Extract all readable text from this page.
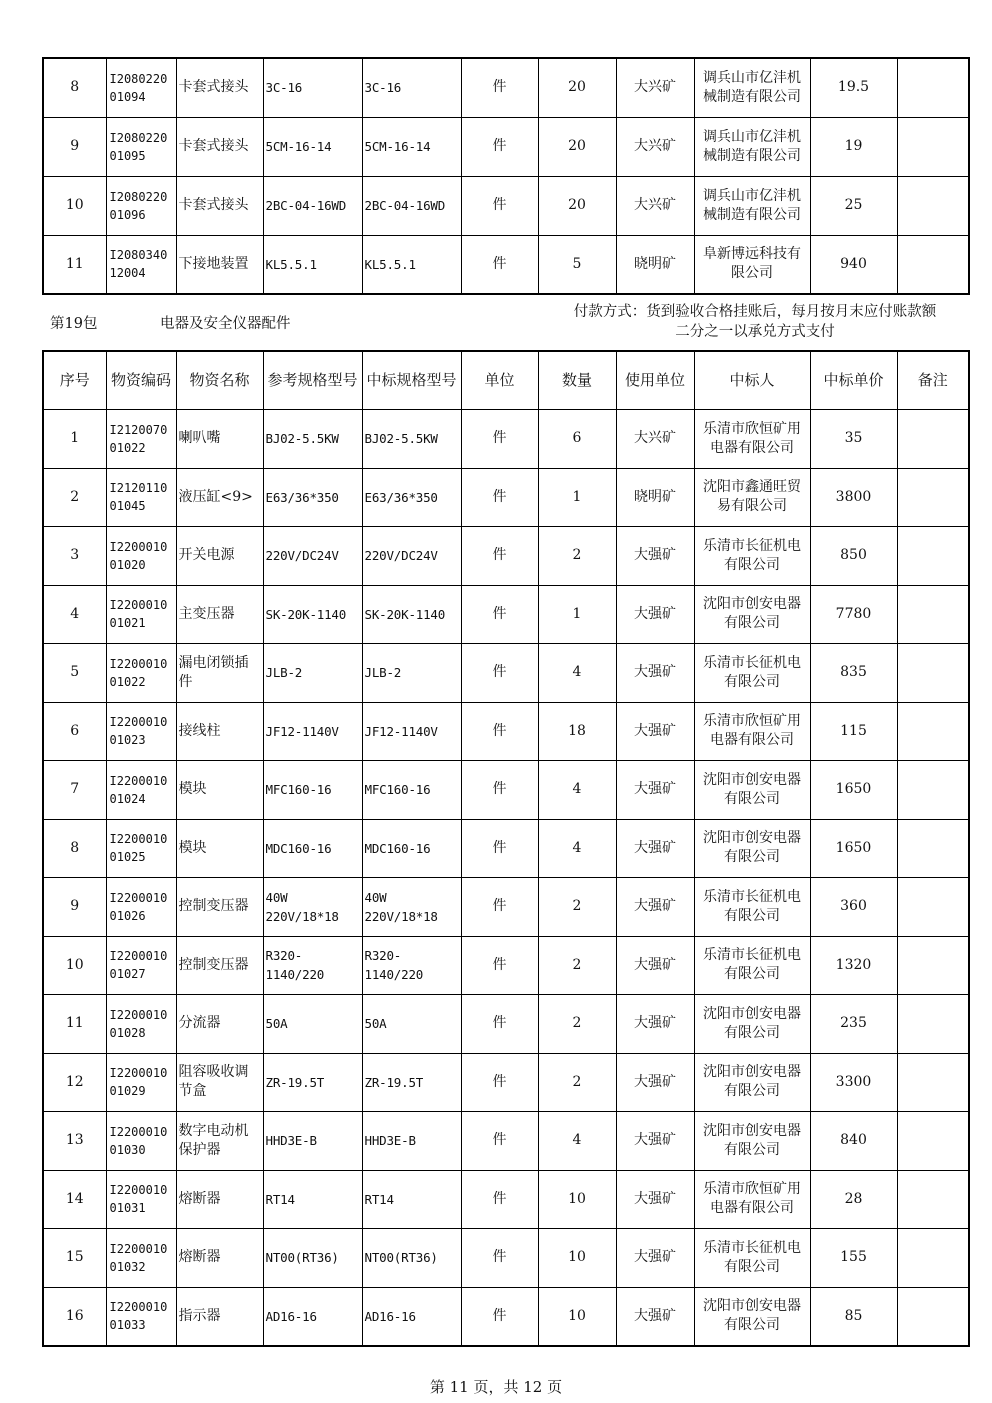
8	I2080220 01094	卡套式接头	3C-16	3C-16	件	20	大兴矿	调兵山市亿沣机械制造有限公司	19.5	
9	I2080220 01095	卡套式接头	5CM-16-14	5CM-16-14	件	20	大兴矿	调兵山市亿沣机械制造有限公司	19	
10	I2080220 01096	卡套式接头	2BC-04-16WD	2BC-04-16WD	件	20	大兴矿	调兵山市亿沣机械制造有限公司	25	
11	I2080340 12004	下接地装置	KL5.5.1	KL5.5.1	件	5	晓明矿	阜新博远科技有限公司	940	
第19包	电器及安全仪器配件
付款方式：货到验收合格挂账后，每月按月末应付账款额
二分之一以承兑方式支付
序号	物资编码	物资名称	参考规格型号	中标规格型号	单位	数量	使用单位	中标人	中标单价	备注
1	I2120070 01022	喇叭嘴	BJ02-5.5KW	BJ02-5.5KW	件	6	大兴矿	乐清市欣恒矿用电器有限公司	35	
2	I2120110 01045	液压缸<9>	E63/36*350	E63/36*350	件	1	晓明矿	沈阳市鑫通旺贸易有限公司	3800	
3	I2200010 01020	开关电源	220V/DC24V	220V/DC24V	件	2	大强矿	乐清市长征机电有限公司	850	
4	I2200010 01021	主变压器	SK-20K-1140	SK-20K-1140	件	1	大强矿	沈阳市创安电器有限公司	7780	
5	I2200010 01022	漏电闭锁插件	JLB-2	JLB-2	件	4	大强矿	乐清市长征机电有限公司	835	
6	I2200010 01023	接线柱	JF12-1140V	JF12-1140V	件	18	大强矿	乐清市欣恒矿用电器有限公司	115	
7	I2200010 01024	模块	MFC160-16	MFC160-16	件	4	大强矿	沈阳市创安电器有限公司	1650	
8	I2200010 01025	模块	MDC160-16	MDC160-16	件	4	大强矿	沈阳市创安电器有限公司	1650	
9	I2200010 01026	控制变压器	40W 220V/18*18	40W 220V/18*18	件	2	大强矿	乐清市长征机电有限公司	360	
10	I2200010 01027	控制变压器	R320- 1140/220	R320- 1140/220	件	2	大强矿	乐清市长征机电有限公司	1320	
11	I2200010 01028	分流器	50A	50A	件	2	大强矿	沈阳市创安电器有限公司	235	
12	I2200010 01029	阻容吸收调节盒	ZR-19.5T	ZR-19.5T	件	2	大强矿	沈阳市创安电器有限公司	3300	
13	I2200010 01030	数字电动机保护器	HHD3E-B	HHD3E-B	件	4	大强矿	沈阳市创安电器有限公司	840	
14	I2200010 01031	熔断器	RT14	RT14	件	10	大强矿	乐清市欣恒矿用电器有限公司	28	
15	I2200010 01032	熔断器	NT00(RT36)	NT00(RT36)	件	10	大强矿	乐清市长征机电有限公司	155	
16	I2200010 01033	指示器	AD16-16	AD16-16	件	10	大强矿	沈阳市创安电器有限公司	85	
第 11 页，共 12 页
